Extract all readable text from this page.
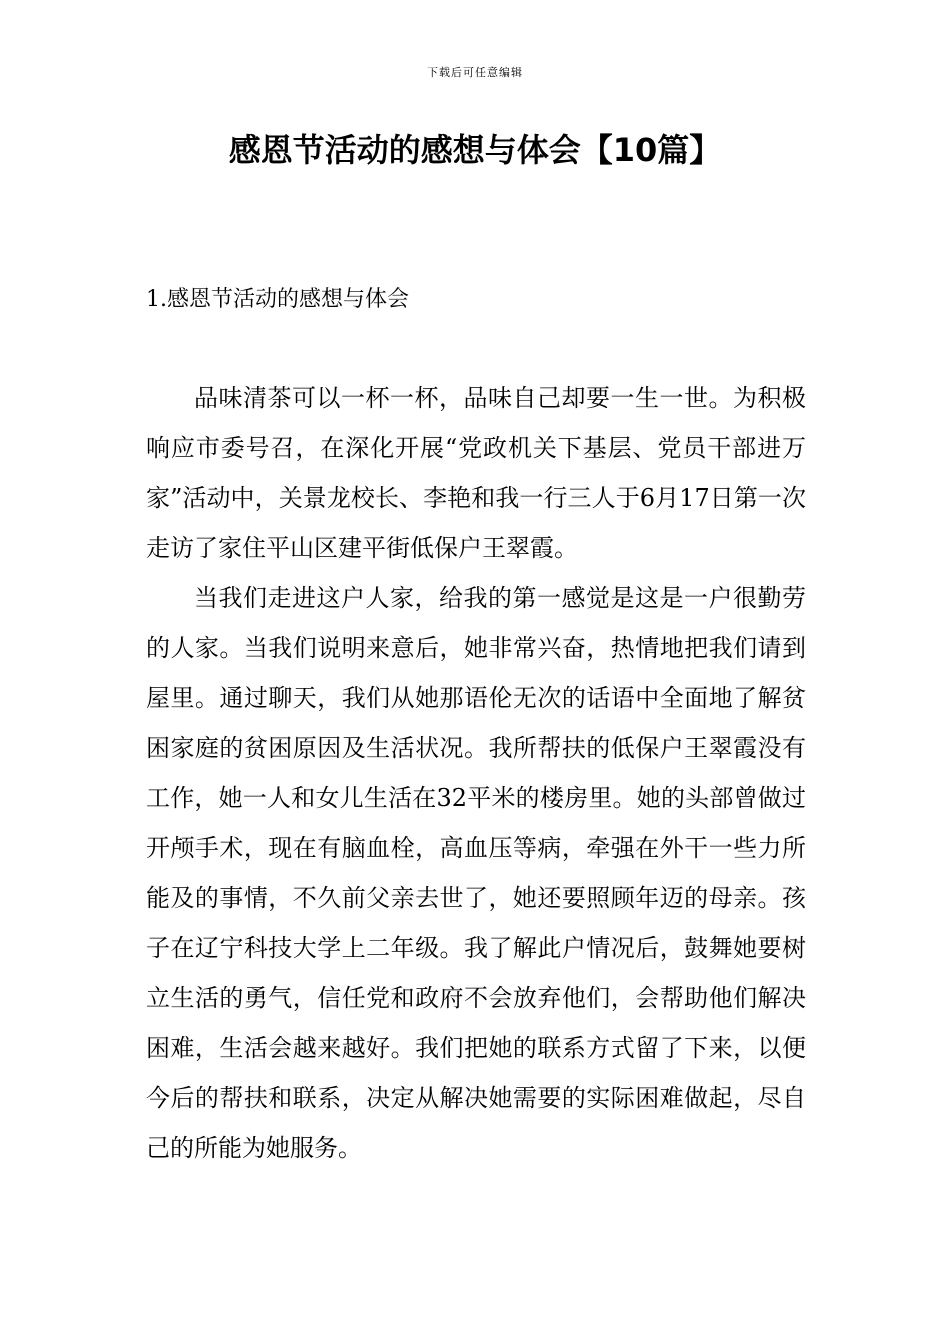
下载后可任意编辑
感恩节活动的感想与体会【10篇】
1.感恩节活动的感想与体会

品味清茶可以一杯一杯，品味自己却要一生一世。为积极响应市委号召，在深化开展“党政机关下基层、党员干部进万家”活动中，关景龙校长、李艳和我一行三人于6月17日第一次走访了家住平山区建平街低保户王翠霞。

当我们走进这户人家，给我的第一感觉是这是一户很勤劳的人家。当我们说明来意后，她非常兴奋，热情地把我们请到屋里。通过聊天，我们从她那语伦无次的话语中全面地了解贫困家庭的贫困原因及生活状况。我所帮扶的低保户王翠霞没有工作，她一人和女儿生活在32平米的楼房里。她的头部曾做过开颅手术，现在有脑血栓，高血压等病，牵强在外干一些力所能及的事情，不久前父亲去世了，她还要照顾年迈的母亲。孩子在辽宁科技大学上二年级。我了解此户情况后，鼓舞她要树立生活的勇气，信任党和政府不会放弃他们，会帮助他们解决困难，生活会越来越好。我们把她的联系方式留了下来，以便今后的帮扶和联系，决定从解决她需要的实际困难做起，尽自己的所能为她服务。
